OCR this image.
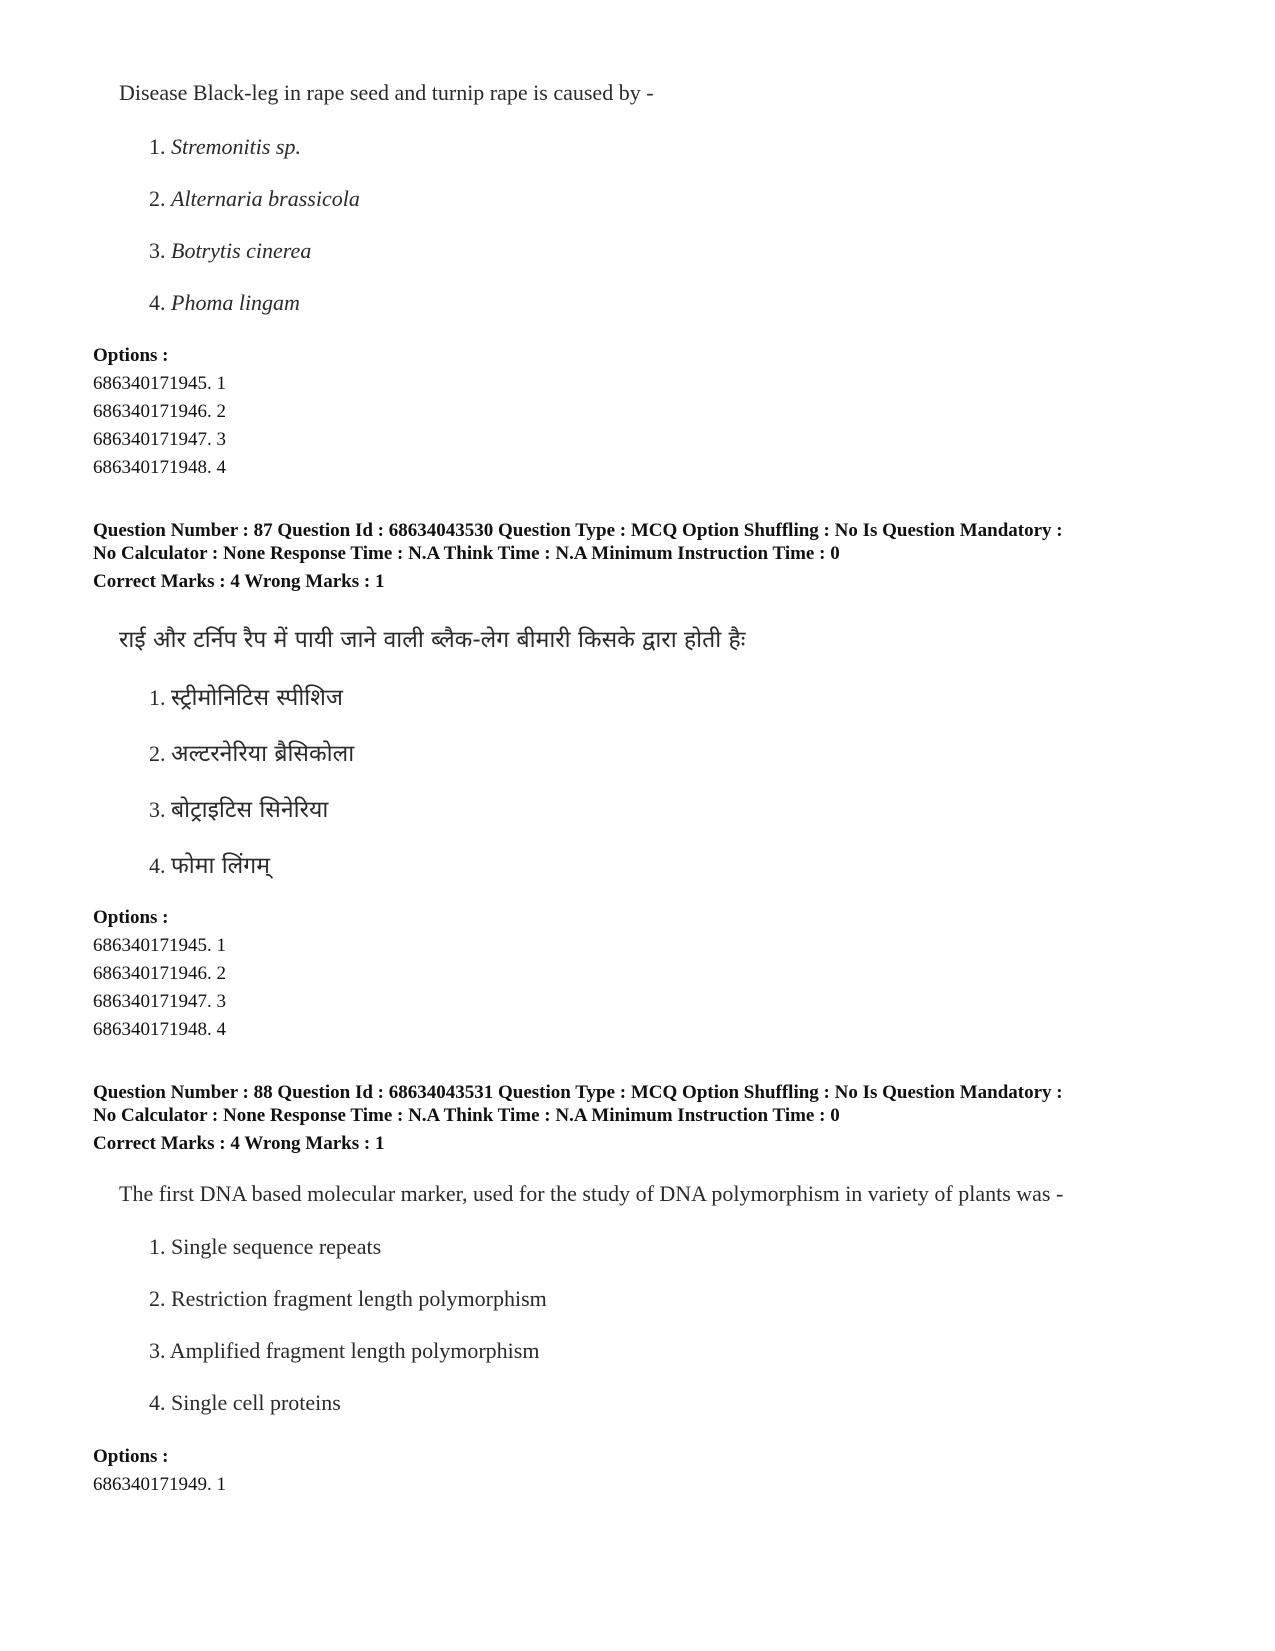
Disease Black-leg in rape seed and turnip rape is caused by -
1. Stremonitis sp.
2. Alternaria brassicola
3. Botrytis cinerea
4. Phoma lingam
Options :
686340171945. 1
686340171946. 2
686340171947. 3
686340171948. 4
Question Number : 87 Question Id : 68634043530 Question Type : MCQ Option Shuffling : No Is Question Mandatory :
No Calculator : None Response Time : N.A Think Time : N.A Minimum Instruction Time : 0
Correct Marks : 4 Wrong Marks : 1
राई और टर्निप रैप में पायी जाने वाली ब्लैक-लेग बीमारी किसके द्वारा होती हैः
1. स्ट्रीमोनिटिस स्पीशिज
2. अल्टरनेरिया ब्रैसिकोला
3. बोट्राइटिस सिनेरिया
4. फोमा लिंगम्
Options :
686340171945. 1
686340171946. 2
686340171947. 3
686340171948. 4
Question Number : 88 Question Id : 68634043531 Question Type : MCQ Option Shuffling : No Is Question Mandatory :
No Calculator : None Response Time : N.A Think Time : N.A Minimum Instruction Time : 0
Correct Marks : 4 Wrong Marks : 1
The first DNA based molecular marker, used for the study of DNA polymorphism in variety of plants was -
1. Single sequence repeats
2. Restriction fragment length polymorphism
3. Amplified fragment length polymorphism
4. Single cell proteins
Options :
686340171949. 1
